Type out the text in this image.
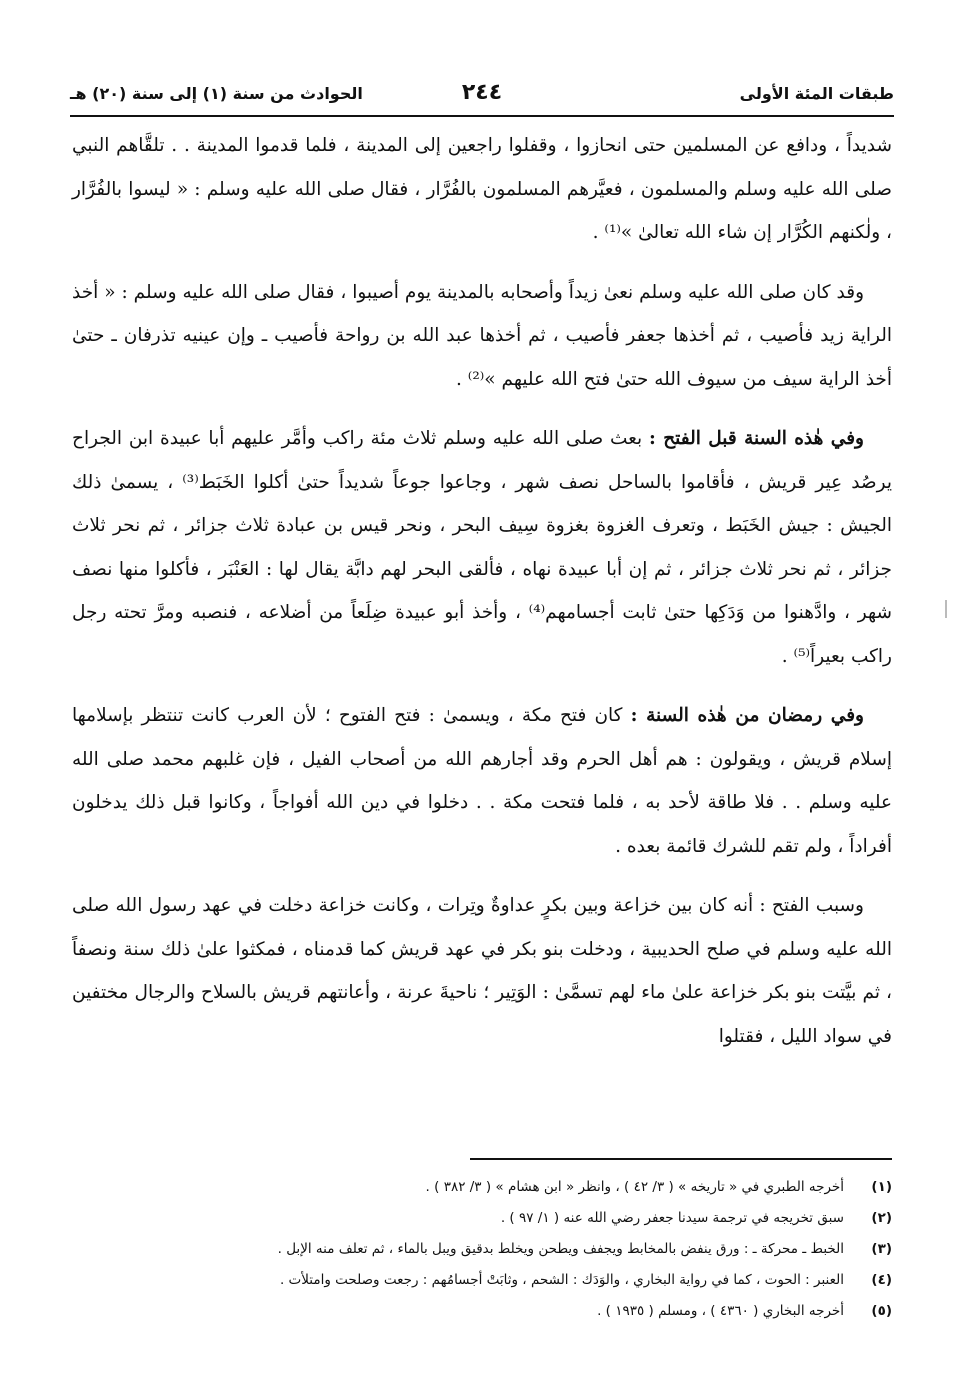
طبقات المئة الأولى
٢٤٤
الحوادث من سنة (١) إلى سنة (٢٠) هـ

شديداً ، ودافع عن المسلمين حتى انحازوا ، وقفلوا راجعين إلى المدينة ، فلما قدموا المدينة . . تلقَّاهم النبي صلى الله عليه وسلم والمسلمون ، فعيَّرهم المسلمون بالفُرَّار ، فقال صلى الله عليه وسلم : « ليسوا بالفُرَّار ، ولٰكنهم الكُرَّار إن شاء الله تعالىٰ »⁽¹⁾ .

وقد كان صلى الله عليه وسلم نعىٰ زيداً وأصحابه بالمدينة يوم أصيبوا ، فقال صلى الله عليه وسلم : « أخذ الراية زيد فأصيب ، ثم أخذها جعفر فأصيب ، ثم أخذها عبد الله بن رواحة فأصيب ـ وإن عينيه تذرفان ـ حتىٰ أخذ الراية سيف من سيوف الله حتىٰ فتح الله عليهم »⁽²⁾ .

وفي هٰذه السنة قبل الفتح : بعث صلى الله عليه وسلم ثلاث مئة راكب وأمَّر عليهم أبا عبيدة ابن الجراح يرصُد عِير قريش ، فأقاموا بالساحل نصف شهر ، وجاعوا جوعاً شديداً حتىٰ أكلوا الخَبَط⁽³⁾ ، يسمىٰ ذلك الجيش : جيش الخَبَط ، وتعرف الغزوة بغزوة سِيف البحر ، ونحر قيس بن عبادة ثلاث جزائر ، ثم نحر ثلاث جزائر ، ثم نحر ثلاث جزائر ، ثم إن أبا عبيدة نهاه ، فألقى البحر لهم دابَّة يقال لها : العَنْبَر ، فأكلوا منها نصف شهر ، وادَّهنوا من وَدَكِها حتىٰ ثابت أجسامهم⁽⁴⁾ ، وأخذ أبو عبيدة ضِلَعاً من أضلاعه ، فنصبه ومرَّ تحته رجل راكب بعيراً⁽⁵⁾ .

وفي رمضان من هٰذه السنة : كان فتح مكة ، ويسمىٰ : فتح الفتوح ؛ لأن العرب كانت تنتظر بإسلامها إسلام قريش ، ويقولون : هم أهل الحرم وقد أجارهم الله من أصحاب الفيل ، فإن غلبهم محمد صلى الله عليه وسلم . . فلا طاقة لأحد به ، فلما فتحت مكة . . دخلوا في دين الله أفواجاً ، وكانوا قبل ذلك يدخلون أفراداً ، ولم تقم للشرك قائمة بعده .

وسبب الفتح : أنه كان بين خزاعة وبين بكرٍ عداوةٌ وتِرات ، وكانت خزاعة دخلت في عهد رسول الله صلى الله عليه وسلم في صلح الحديبية ، ودخلت بنو بكر في عهد قريش كما قدمناه ، فمكثوا علىٰ ذلك سنة ونصفاً ، ثم بيَّتت بنو بكر خزاعة علىٰ ماء لهم تسمَّىٰ : الوَتِير ؛ ناحيةَ عرنة ، وأعانتهم قريش بالسلاح والرجال مختفين في سواد الليل ، فقتلوا

(١)
أخرجه الطبري في « تاريخه » ( ٣/ ٤٢ ) ، وانظر « ابن هشام » ( ٣/ ٣٨٢ ) .
(٢)
سبق تخريجه في ترجمة سيدنا جعفر رضي الله عنه ( ١/ ٩٧ ) .
(٣)
الخبط ـ محركة ـ : ورق ينفض بالمخابط ويجفف ويطحن ويخلط بدقيق ويبل بالماء ، ثم تعلف منه الإبل .
(٤)
العنبر : الحوت ، كما في رواية البخاري ، والوَدَك : الشحم ، وثابَتْ أجسامُهم : رجعت وصلحت وامتلأت .
(٥)
أخرجه البخاري ( ٤٣٦٠ ) ، ومسلم ( ١٩٣٥ ) .
